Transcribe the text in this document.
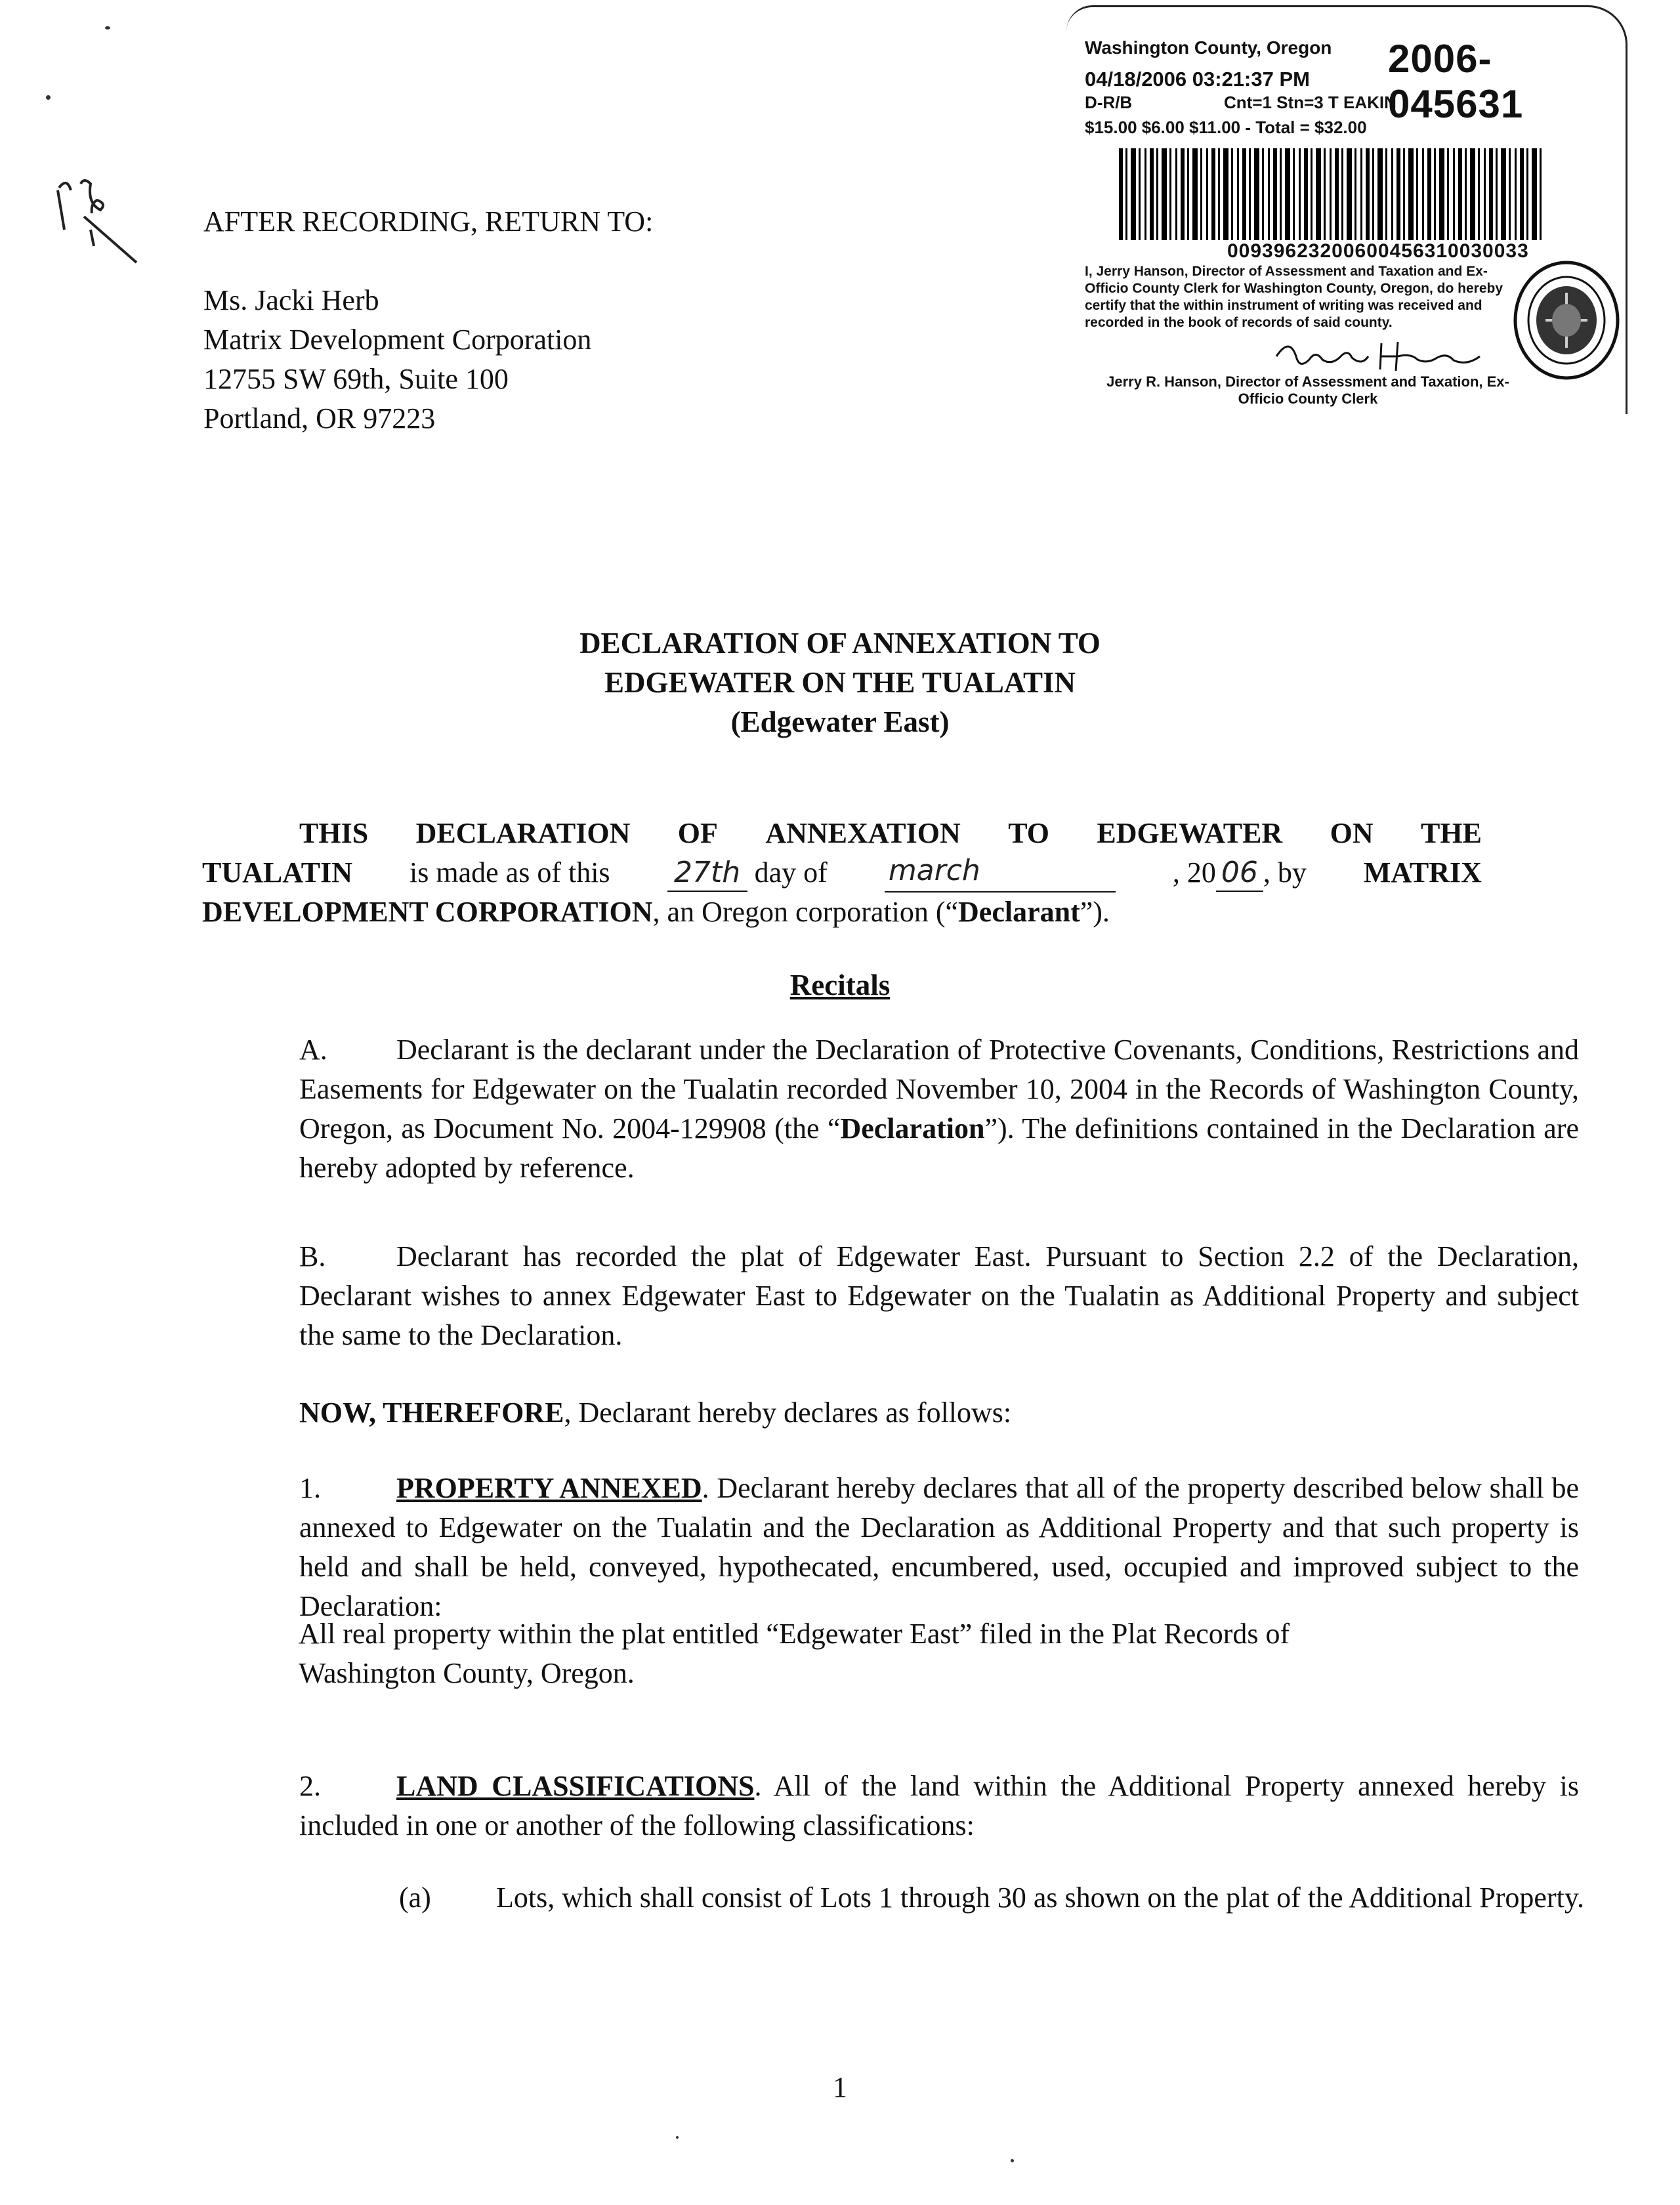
Washington County, Oregon 2006-045631
04/18/2006 03:21:37 PM
D-R/B	Cnt=1 Stn=3 T EAKIN
$15.00 $6.00 $11.00 - Total = $32.00
00939623200600456310030033
I, Jerry Hanson, Director of Assessment and Taxation and Ex-Officio County Clerk for Washington County, Oregon, do hereby certify that the within instrument of writing was received and recorded in the book of records of said county.
Jerry R. Hanson, Director of Assessment and Taxation, Ex-Officio County Clerk
AFTER RECORDING, RETURN TO:
Ms. Jacki Herb
Matrix Development Corporation
12755 SW 69th, Suite 100
Portland, OR 97223
DECLARATION OF ANNEXATION TO
EDGEWATER ON THE TUALATIN
(Edgewater East)
THIS DECLARATION OF ANNEXATION TO EDGEWATER ON THE
TUALATIN is made as of this 27th day of march	, 20 06 , by MATRIX
DEVELOPMENT CORPORATION, an Oregon corporation (“Declarant”).
Recitals
A. Declarant is the declarant under the Declaration of Protective Covenants, Conditions, Restrictions and Easements for Edgewater on the Tualatin recorded November 10, 2004 in the Records of Washington County, Oregon, as Document No. 2004-129908 (the “Declaration”). The definitions contained in the Declaration are hereby adopted by reference.
B. Declarant has recorded the plat of Edgewater East. Pursuant to Section 2.2 of the Declaration, Declarant wishes to annex Edgewater East to Edgewater on the Tualatin as Additional Property and subject the same to the Declaration.
NOW, THEREFORE, Declarant hereby declares as follows:
1.	PROPERTY ANNEXED. Declarant hereby declares that all of the property described below shall be annexed to Edgewater on the Tualatin and the Declaration as Additional Property and that such property is held and shall be held, conveyed, hypothecated, encumbered, used, occupied and improved subject to the Declaration:
All real property within the plat entitled “Edgewater East” filed in the Plat Records of Washington County, Oregon.
2.	LAND CLASSIFICATIONS. All of the land within the Additional Property annexed hereby is included in one or another of the following classifications:
(a) Lots, which shall consist of Lots 1 through 30 as shown on the plat of the Additional Property.
1
